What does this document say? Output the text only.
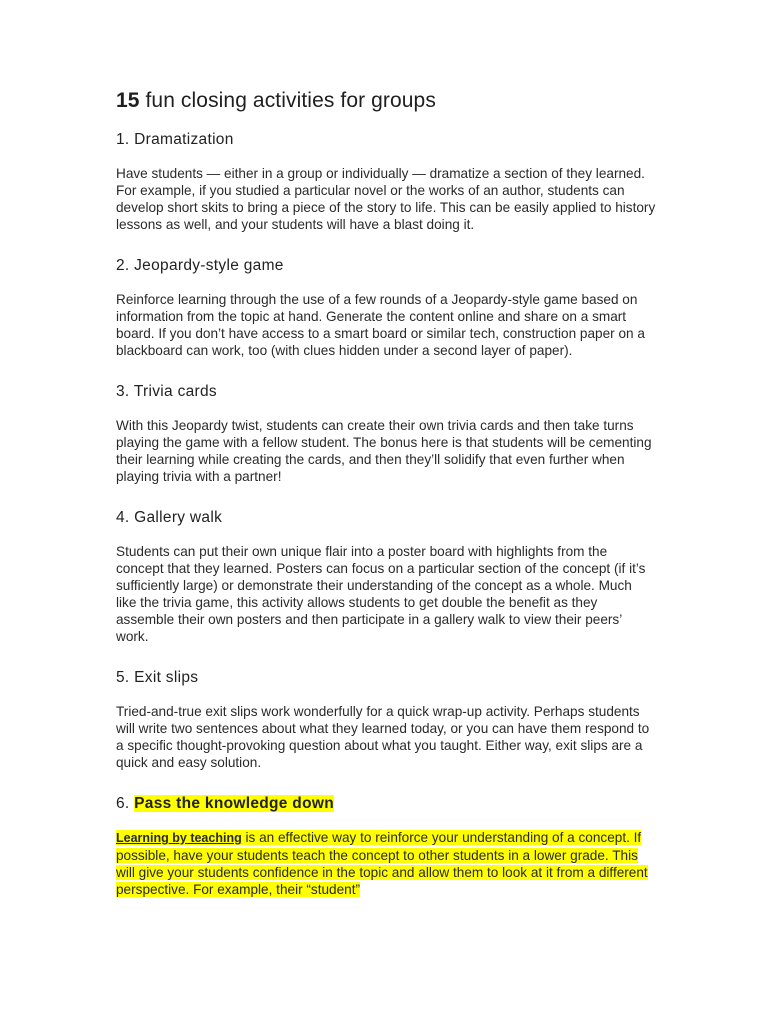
15 fun closing activities for groups
1. Dramatization

Have students — either in a group or individually — dramatize a section of they learned. For example, if you studied a particular novel or the works of an author, students can develop short skits to bring a piece of the story to life. This can be easily applied to history lessons as well, and your students will have a blast doing it.

2. Jeopardy-style game

Reinforce learning through the use of a few rounds of a Jeopardy-style game based on information from the topic at hand. Generate the content online and share on a smart board. If you don’t have access to a smart board or similar tech, construction paper on a blackboard can work, too (with clues hidden under a second layer of paper).

3. Trivia cards

With this Jeopardy twist, students can create their own trivia cards and then take turns playing the game with a fellow student. The bonus here is that students will be cementing their learning while creating the cards, and then they’ll solidify that even further when playing trivia with a partner!

4. Gallery walk

Students can put their own unique flair into a poster board with highlights from the concept that they learned. Posters can focus on a particular section of the concept (if it’s sufficiently large) or demonstrate their understanding of the concept as a whole. Much like the trivia game, this activity allows students to get double the benefit as they assemble their own posters and then participate in a gallery walk to view their peers’ work.

5. Exit slips

Tried-and-true exit slips work wonderfully for a quick wrap-up activity. Perhaps students will write two sentences about what they learned today, or you can have them respond to a specific thought-provoking question about what you taught. Either way, exit slips are a quick and easy solution.

6. Pass the knowledge down

Learning by teaching is an effective way to reinforce your understanding of a concept. If possible, have your students teach the concept to other students in a lower grade. This will give your students confidence in the topic and allow them to look at it from a different perspective. For example, their “student”
